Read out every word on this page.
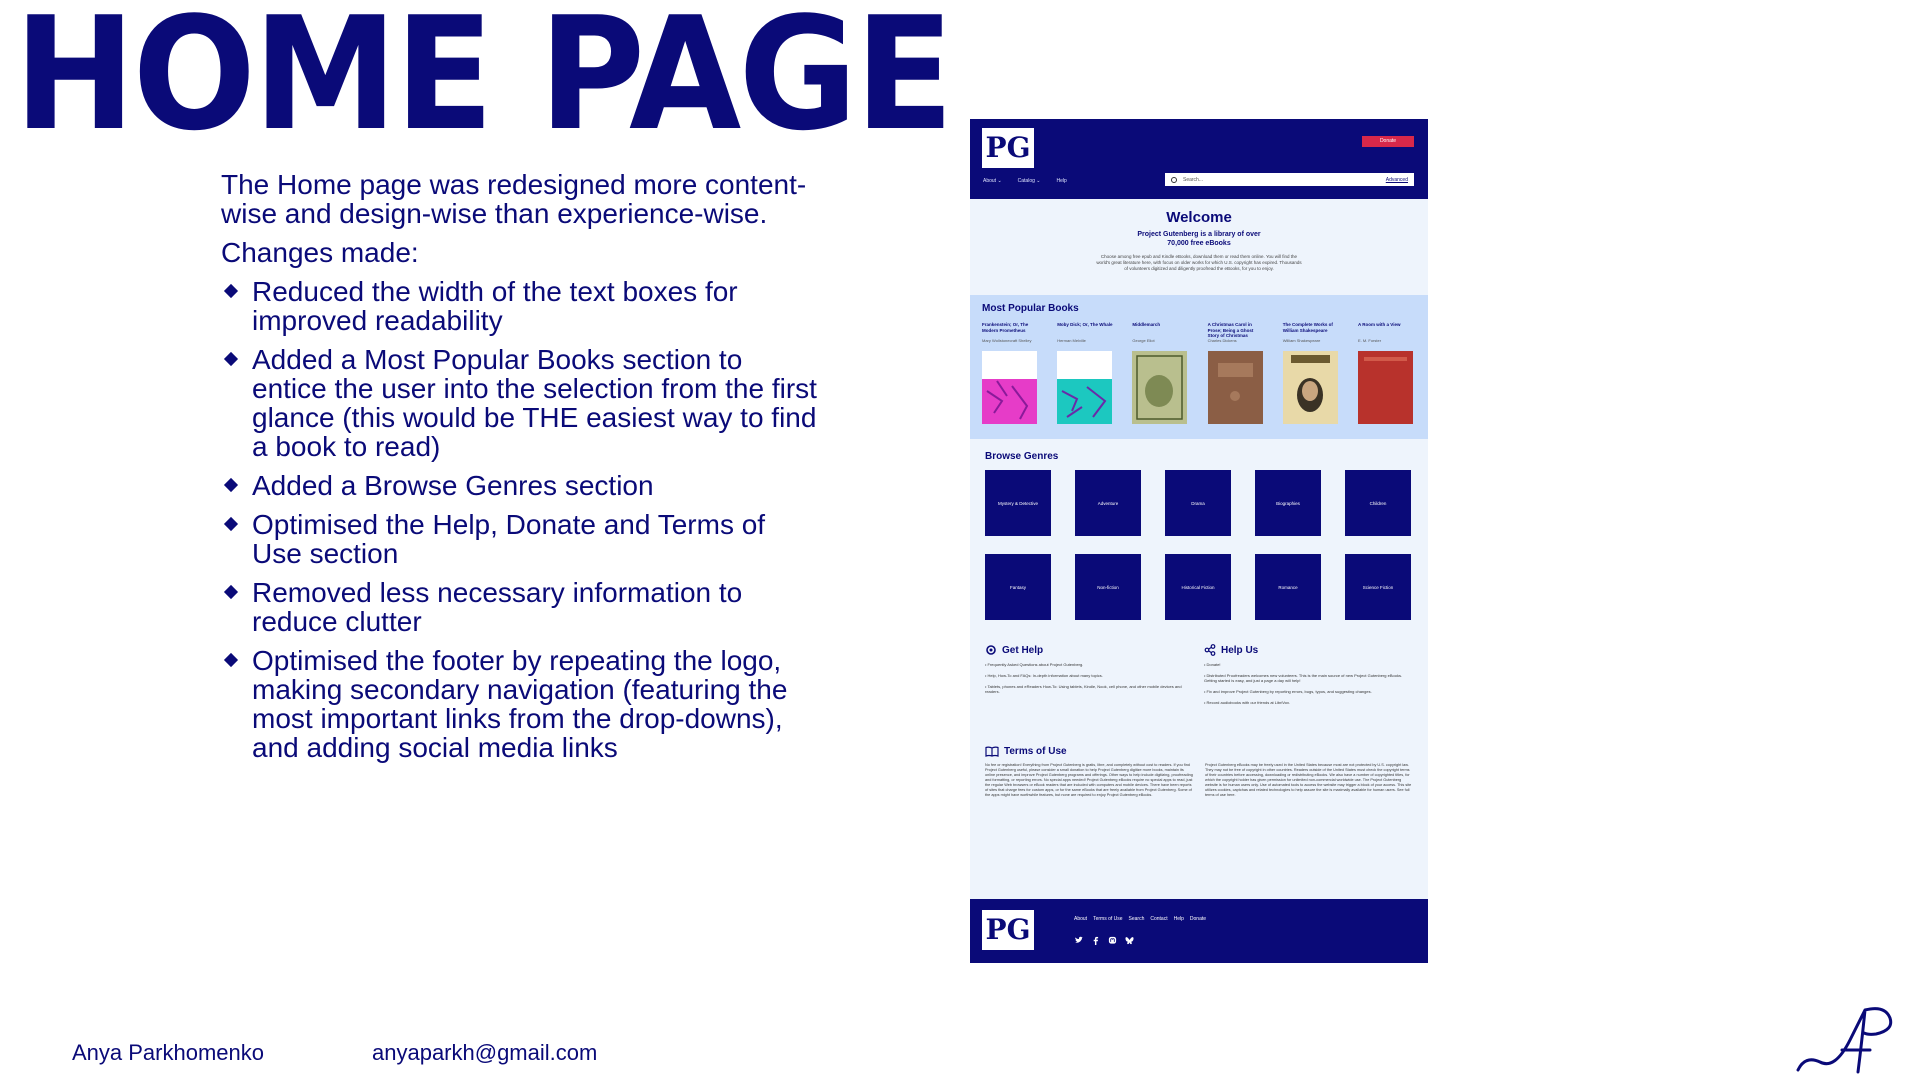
HOME PAGE

The Home page was redesigned more content-wise and design-wise than experience-wise.

Changes made:

Reduced the width of the text boxes for improved readability
Added a Most Popular Books section to entice the user into the selection from the first glance (this would be THE easiest way to find a book to read)
Added a Browse Genres section
Optimised the Help, Donate and Terms of Use section
Removed less necessary information to reduce clutter
Optimised the footer by repeating the logo, making secondary navigation (featuring the most important links from the drop-downs), and adding social media links
PG	Donate
About ⌄	Catalog ⌄	Help	Search...	Advanced
Welcome
Project Gutenberg is a library of over 70,000 free eBooks
Choose among free epub and Kindle eBooks, download them or read them online. You will find the world's great literature here, with focus on older works for which U.S. copyright has expired. Thousands of volunteers digitized and diligently proofread the eBooks, for you to enjoy.
Most Popular Books
Frankenstein; Or, The Modern Prometheus
Mary Wollstonecraft Shelley
Moby Dick; Or, The Whale
Herman Melville
Middlemarch
George Eliot
A Christmas Carol in Prose; Being a Ghost Story of Christmas
Charles Dickens
The Complete Works of William Shakespeare
William Shakespeare
A Room with a View
E. M. Forster
Browse Genres
Mystery & Detective	Adventure	Drama	Biographies	Children
Fantasy	Non-fiction	Historical Fiction	Romance	Science Fiction
Get Help
• Frequently Asked Questions about Project Gutenberg.
• Help, How-To and FAQs: In-depth information about many topics.
• Tablets, phones and eReaders How-To: Using tablets, Kindle, Nook, cell phone, and other mobile devices and readers.
Help Us
• Donate!
• Distributed Proofreaders welcomes new volunteers. This is the main source of new Project Gutenberg eBooks. Getting started is easy, and just a page a day will help!
• Fix and improve Project Gutenberg by reporting errors, bugs, typos, and suggesting changes.
• Record audiobooks with our friends at LibriVox.
Terms of Use
No fee or registration! Everything from Project Gutenberg is gratis, libre, and completely without cost to readers. If you find Project Gutenberg useful, please consider a small donation to help Project Gutenberg digitize more books, maintain its online presence, and improve Project Gutenberg programs and offerings. Other ways to help include digitizing, proofreading and formatting, or reporting errors. No special apps needed! Project Gutenberg eBooks require no special apps to read, just the regular Web browsers or eBook readers that are included with computers and mobile devices. There have been reports of sites that charge fees for custom apps, or for the same eBooks that are freely available from Project Gutenberg. Some of the apps might have worthwhile features, but none are required to enjoy Project Gutenberg eBooks.
Project Gutenberg eBooks may be freely used in the United States because most are not protected by U.S. copyright law. They may not be free of copyright in other countries. Readers outside of the United States must check the copyright terms of their countries before accessing, downloading or redistributing eBooks. We also have a number of copyrighted titles, for which the copyright holder has given permission for unlimited non-commercial worldwide use. The Project Gutenberg website is for human users only. Use of automated tools to access the website may trigger a block of your access. This site utilizes cookies, captchas and related technologies to help assure the site is maximally available for human users. See full terms of use here.
PG	About Terms of Use Search Contact Help Donate
Anya Parkhomenko	anyaparkh@gmail.com
